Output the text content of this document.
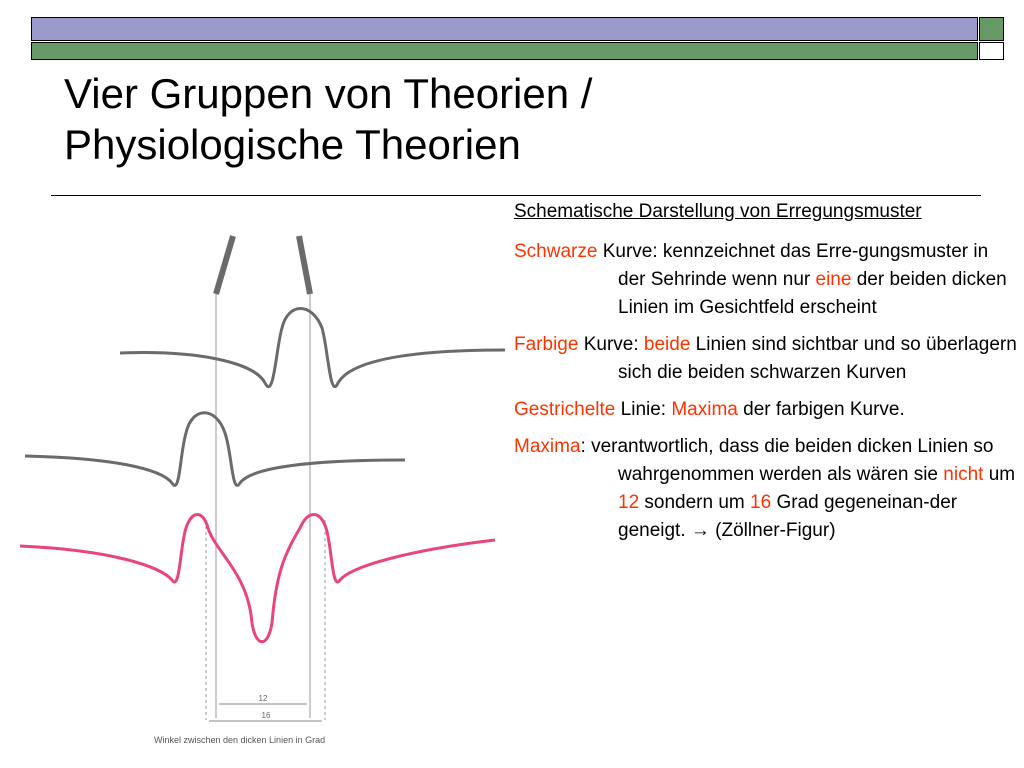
Vier Gruppen von Theorien /
Physiologische Theorien
12
16
Winkel zwischen den dicken Linien in Grad
Schematische Darstellung von Erregungsmuster
Schwarze Kurve: kennzeichnet das Erre-gungsmuster in der Sehrinde wenn nur eine der beiden dicken Linien im Gesichtfeld erscheint
Farbige Kurve: beide Linien sind sichtbar und so überlagern sich die beiden schwarzen Kurven
Gestrichelte Linie: Maxima der farbigen Kurve.
Maxima: verantwortlich, dass die beiden dicken Linien so wahrgenommen werden als wären sie nicht um 12 sondern um 16 Grad gegeneinan-der geneigt. → (Zöllner-Figur)
